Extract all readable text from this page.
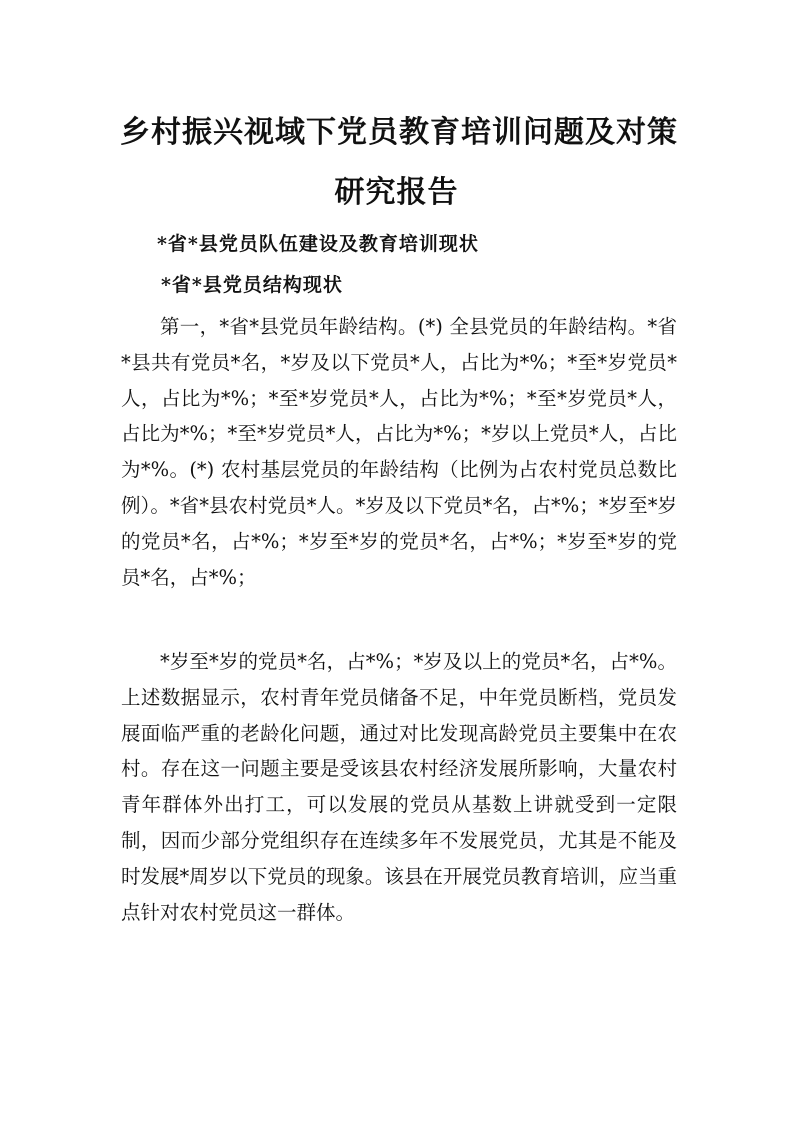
乡村振兴视域下党员教育培训问题及对策
研究报告
*省*县党员队伍建设及教育培训现状
*省*县党员结构现状
第一，*省*县党员年龄结构。(*) 全县党员的年龄结构。*省*县共有党员*名，*岁及以下党员*人，占比为*%；*至*岁党员*人，占比为*%；*至*岁党员*人，占比为*%；*至*岁党员*人，占比为*%；*至*岁党员*人，占比为*%；*岁以上党员*人，占比为*%。(*) 农村基层党员的年龄结构（比例为占农村党员总数比例）。*省*县农村党员*人。*岁及以下党员*名，占*%；*岁至*岁的党员*名，占*%；*岁至*岁的党员*名，占*%；*岁至*岁的党员*名，占*%；
*岁至*岁的党员*名，占*%；*岁及以上的党员*名，占*%。上述数据显示，农村青年党员储备不足，中年党员断档，党员发展面临严重的老龄化问题，通过对比发现高龄党员主要集中在农村。存在这一问题主要是受该县农村经济发展所影响，大量农村青年群体外出打工，可以发展的党员从基数上讲就受到一定限制，因而少部分党组织存在连续多年不发展党员，尤其是不能及时发展*周岁以下党员的现象。该县在开展党员教育培训，应当重点针对农村党员这一群体。
